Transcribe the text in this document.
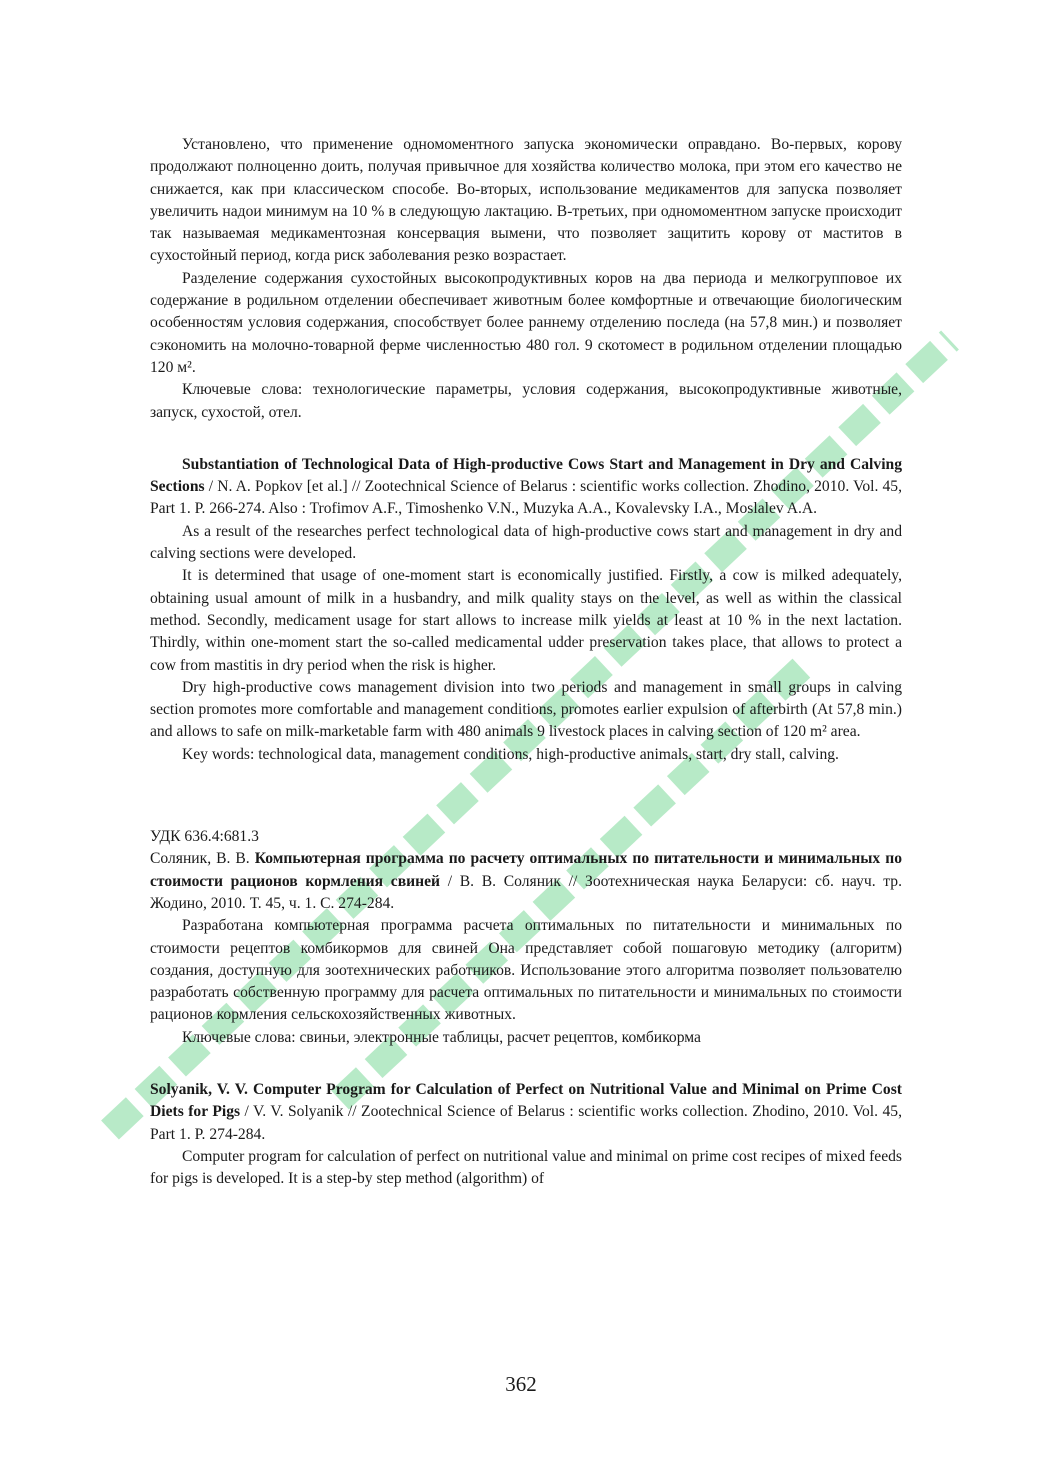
Установлено, что применение одномоментного запуска экономически оправдано. Во-первых, корову продолжают полноценно доить, получая привычное для хозяйства количество молока, при этом его качество не снижается, как при классическом способе. Во-вторых, использование медикаментов для запуска позволяет увеличить надои минимум на 10 % в следующую лактацию. В-третьих, при одномоментном запуске происходит так называемая медикаментозная консервация вымени, что позволяет защитить корову от маститов в сухостойный период, когда риск заболевания резко возрастает.

Разделение содержания сухостойных высокопродуктивных коров на два периода и мелкогрупповое их содержание в родильном отделении обеспечивает животным более комфортные и отвечающие биологическим особенностям условия содержания, способствует более раннему отделению последа (на 57,8 мин.) и позволяет сэкономить на молочно-товарной ферме численностью 480 гол. 9 скотомест в родильном отделении площадью 120 м².

Ключевые слова: технологические параметры, условия содержания, высокопродуктивные животные, запуск, сухостой, отел.

Substantiation of Technological Data of High-productive Cows Start and Management in Dry and Calving Sections / N. A. Popkov [et al.] // Zootechnical Science of Belarus : scientific works collection. Zhodino, 2010. Vol. 45, Part 1. P. 266-274. Also : Trofimov A.F., Timoshenko V.N., Muzyka A.A., Kovalevsky I.A., Moslalev A.A.

As a result of the researches perfect technological data of high-productive cows start and management in dry and calving sections were developed.

It is determined that usage of one-moment start is economically justified. Firstly, a cow is milked adequately, obtaining usual amount of milk in a husbandry, and milk quality stays on the level, as well as within the classical method. Secondly, medicament usage for start allows to increase milk yields at least at 10 % in the next lactation. Thirdly, within one-moment start the so-called medicamental udder preservation takes place, that allows to protect a cow from mastitis in dry period when the risk is higher.

Dry high-productive cows management division into two periods and management in small groups in calving section promotes more comfortable and management conditions, promotes earlier expulsion of afterbirth (At 57,8 min.) and allows to safe on milk-marketable farm with 480 animals 9 livestock places in calving section of 120 m² area.

Key words: technological data, management conditions, high-productive animals, start, dry stall, calving.

УДК 636.4:681.3

Соляник, В. В. Компьютерная программа по расчету оптимальных по питательности и минимальных по стоимости рационов кормления свиней / В. В. Соляник // Зоотехническая наука Беларуси: сб. науч. тр. Жодино, 2010. Т. 45, ч. 1. С. 274-284.

Разработана компьютерная программа расчета оптимальных по питательности и минимальных по стоимости рецептов комбикормов для свиней Она представляет собой пошаговую методику (алгоритм) создания, доступную для зоотехнических работников. Использование этого алгоритма позволяет пользователю разработать собственную программу для расчета оптимальных по питательности и минимальных по стоимости рационов кормления сельскохозяйственных животных.

Ключевые слова: свиньи, электронные таблицы, расчет рецептов, комбикорма

Solyanik, V. V. Computer Program for Calculation of Perfect on Nutritional Value and Minimal on Prime Cost Diets for Pigs / V. V. Solyanik // Zootechnical Science of Belarus : scientific works collection. Zhodino, 2010. Vol. 45, Part 1. P. 274-284.

Computer program for calculation of perfect on nutritional value and minimal on prime cost recipes of mixed feeds for pigs is developed. It is a step-by step method (algorithm) of

362
